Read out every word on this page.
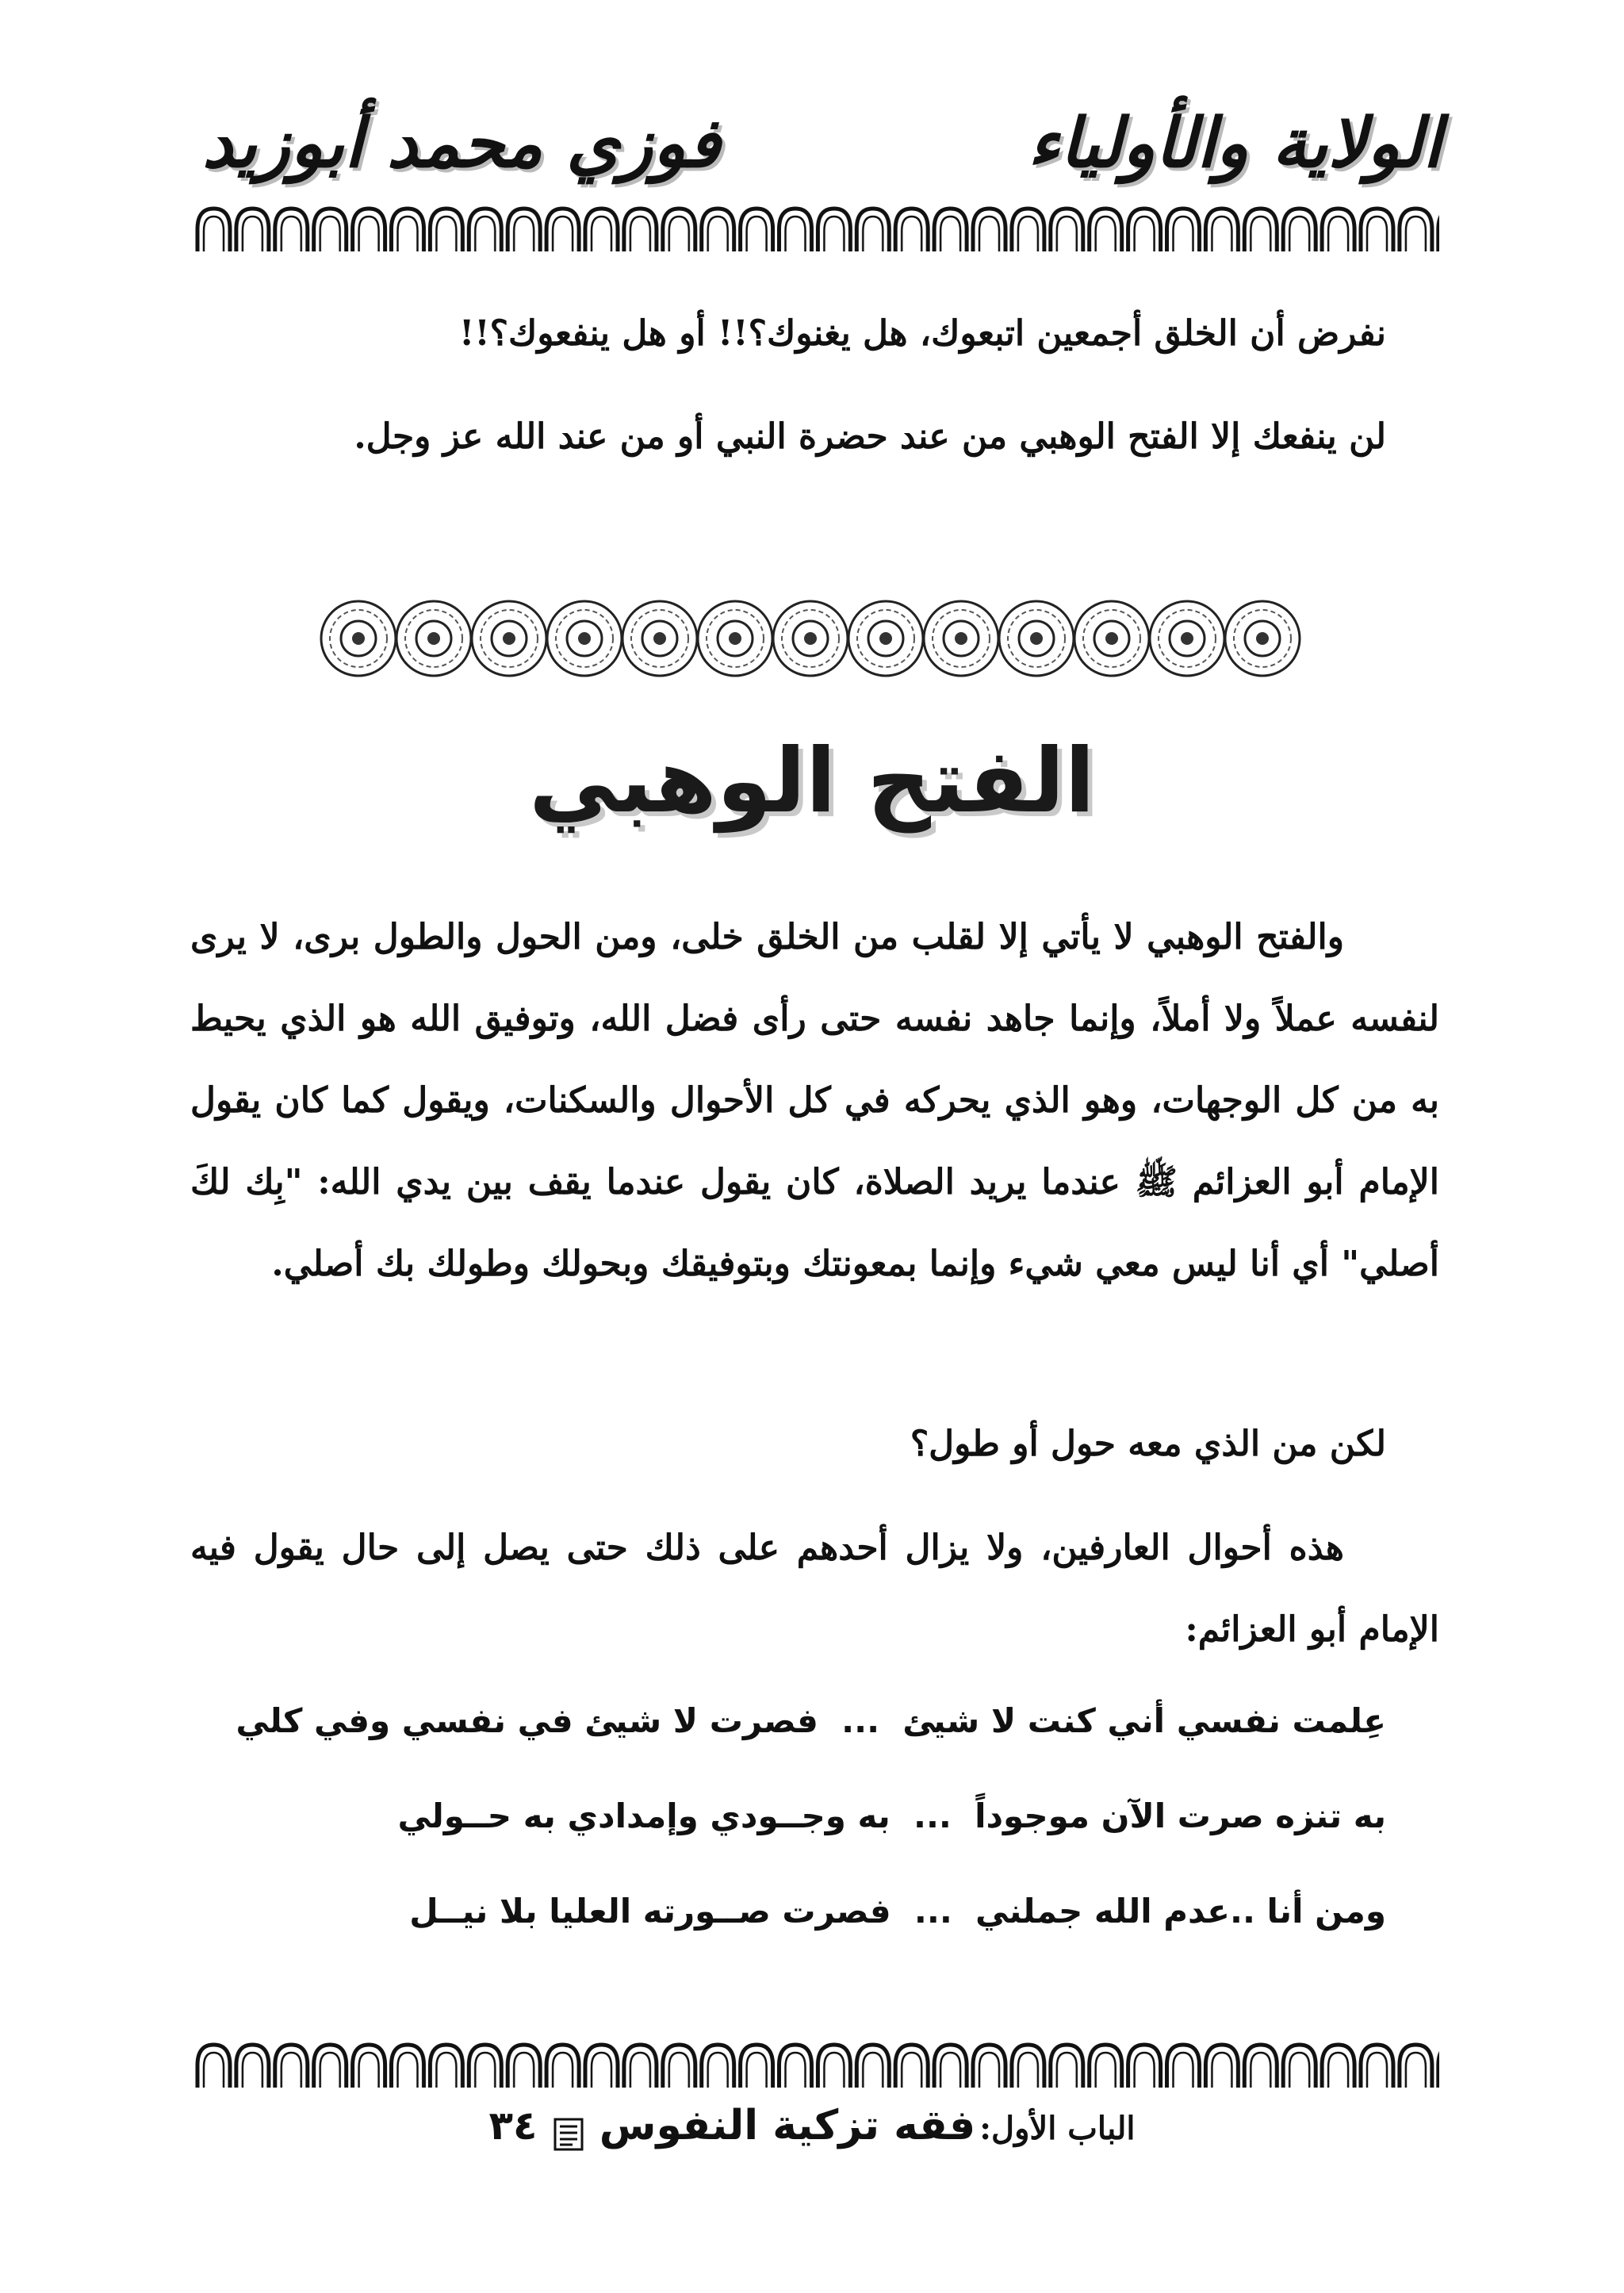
الولاية والأولياء
فوزي محمد أبوزيد
نفرض أن الخلق أجمعين اتبعوك، هل يغنوك؟!! أو هل ينفعوك؟!!
لن ينفعك إلا الفتح الوهبي من عند حضرة النبي أو من عند الله عز وجل.
الفتح الوهبي
والفتح الوهبي لا يأتي إلا لقلب من الخلق خلى، ومن الحول والطول برى، لا يرى لنفسه عملاً ولا أملاً، وإنما جاهد نفسه حتى رأى فضل الله، وتوفيق الله هو الذي يحيط به من كل الوجهات، وهو الذي يحركه في كل الأحوال والسكنات، ويقول كما كان يقول الإمام أبو العزائم ﷺ عندما يريد الصلاة، كان يقول عندما يقف بين يدي الله: "بِك لكَ أصلي" أي أنا ليس معي شيء وإنما بمعونتك وبتوفيقك وبحولك وطولك بك أصلي.
لكن من الذي معه حول أو طول؟
هذه أحوال العارفين، ولا يزال أحدهم على ذلك حتى يصل إلى حال يقول فيه الإمام أبو العزائم:
عِلمت نفسي أني كنت لا شيئ  ...  فصرت لا شيئ في نفسي وفي كلي
به تنزه صرت الآن موجوداً  ...  به وجــودي وإمدادي به حــولي
ومن أنا ..عدم الله جملني  ...  فصرت صــورته العليا بلا نيــل
الباب الأول: فقه تزكية النفوس  ٣٤
